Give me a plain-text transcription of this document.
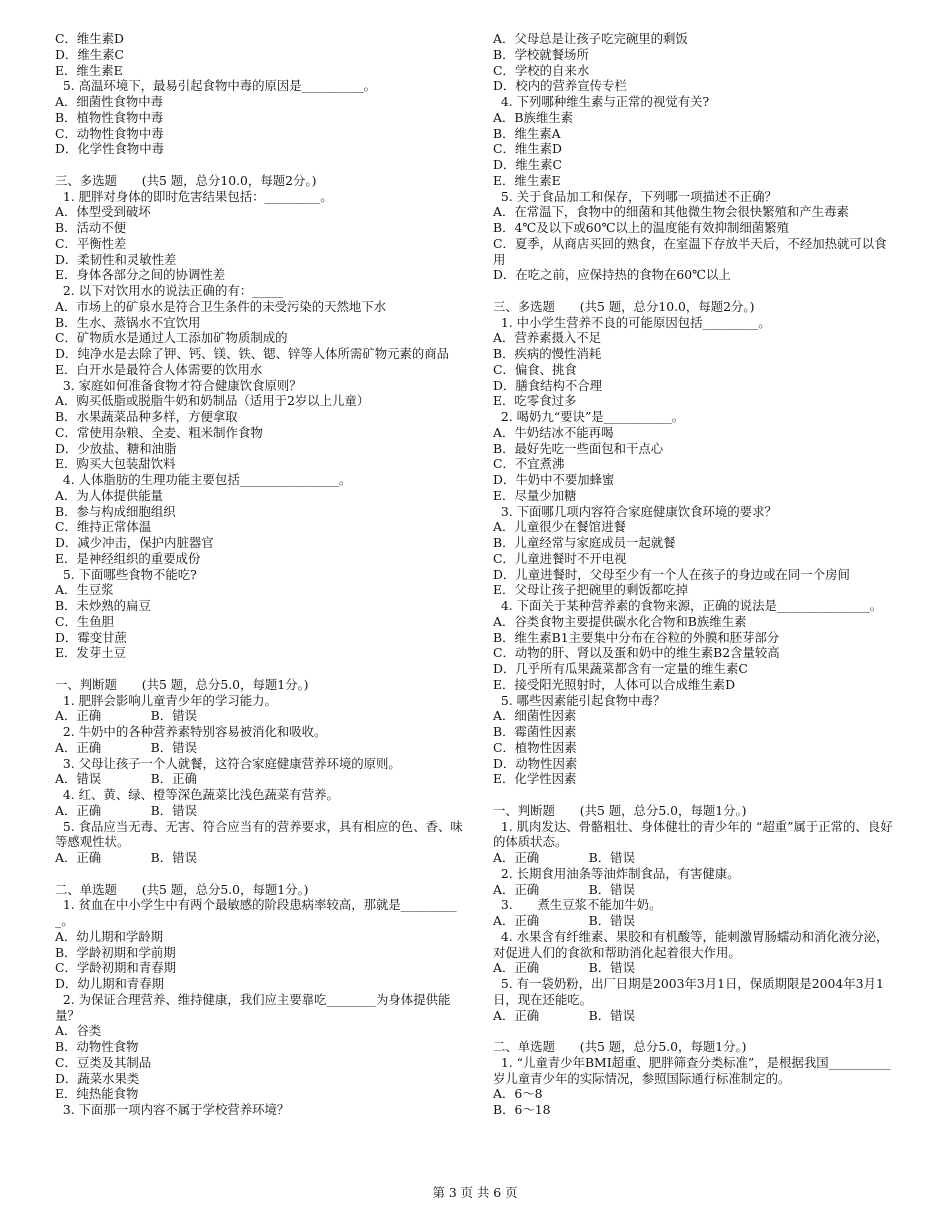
C．维生素D
D．维生素C
E．维生素E
5. 高温环境下，最易引起食物中毒的原因是__________。
A．细菌性食物中毒
B．植物性食物中毒
C．动物性食物中毒
D．化学性食物中毒
三、多选题　　(共5 题，总分10.0，每题2分。)
1. 肥胖对身体的即时危害结果包括：_________。
A．体型受到破坏
B．活动不便
C．平衡性差
D．柔韧性和灵敏性差
E．身体各部分之间的协调性差
2. 以下对饮用水的说法正确的有：_____
A．市场上的矿泉水是符合卫生条件的未受污染的天然地下水
B．生水、蒸锅水不宜饮用
C．矿物质水是通过人工添加矿物质制成的
D．纯净水是去除了钾、钙、镁、铁、锶、锌等人体所需矿物元素的商品
E．白开水是最符合人体需要的饮用水
3. 家庭如何准备食物才符合健康饮食原则？
A．购买低脂或脱脂牛奶和奶制品（适用于2岁以上儿童）
B．水果蔬菜品种多样，方便拿取
C．常使用杂粮、全麦、粗米制作食物
D．少放盐、糖和油脂
E．购买大包装甜饮料
4. 人体脂肪的生理功能主要包括________________。
A．为人体提供能量
B．参与构成细胞组织
C．维持正常体温
D．减少冲击，保护内脏器官
E．是神经组织的重要成份
5. 下面哪些食物不能吃?
A．生豆浆
B．未炒熟的扁豆
C．生鱼胆
D．霉变甘蔗
E．发芽土豆
一、判断题　　(共5 题，总分5.0，每题1分。)
1. 肥胖会影响儿童青少年的学习能力。
A．正确　　　　B．错误
2. 牛奶中的各种营养素特别容易被消化和吸收。
A．正确　　　　B．错误
3. 父母让孩子一个人就餐，这符合家庭健康营养环境的原则。
A．错误　　　　B．正确
4. 红、黄、绿、橙等深色蔬菜比浅色蔬菜有营养。
A．正确　　　　B．错误
5. 食品应当无毒、无害、符合应当有的营养要求，具有相应的色、香、味等感观性状。
A．正确　　　　B．错误
二、单选题　　(共5 题，总分5.0，每题1分。)
1. 贫血在中小学生中有两个最敏感的阶段患病率较高，那就是__________。
A．幼儿期和学龄期
B．学龄初期和学前期
C．学龄初期和青春期
D．幼儿期和青春期
2. 为保证合理营养、维持健康，我们应主要靠吃________为身体提供能量？
A．谷类
B．动物性食物
C．豆类及其制品
D．蔬菜水果类
E．纯热能食物
3. 下面那一项内容不属于学校营养环境？
A．父母总是让孩子吃完碗里的剩饭
B．学校就餐场所
C．学校的自来水
D．校内的营养宣传专栏
4. 下列哪种维生素与正常的视觉有关?
A．B族维生素
B．维生素A
C．维生素D
D．维生素C
E．维生素E
5. 关于食品加工和保存，下列哪一项描述不正确？
A．在常温下，食物中的细菌和其他微生物会很快繁殖和产生毒素
B．4℃及以下或60℃以上的温度能有效抑制细菌繁殖
C．夏季，从商店买回的熟食，在室温下存放半天后，不经加热就可以食用
D．在吃之前，应保持热的食物在60℃以上
三、多选题　　(共5 题，总分10.0，每题2分。)
1. 中小学生营养不良的可能原因包括_________。
A．营养素摄入不足
B．疾病的慢性消耗
C．偏食、挑食
D．膳食结构不合理
E．吃零食过多
2. 喝奶九“要诀”是___________。
A．牛奶结冰不能再喝
B．最好先吃一些面包和干点心
C．不宜煮沸
D．牛奶中不要加蜂蜜
E．尽量少加糖
3. 下面哪几项内容符合家庭健康饮食环境的要求？
A．儿童很少在餐馆进餐
B．儿童经常与家庭成员一起就餐
C．儿童进餐时不开电视
D．儿童进餐时，父母至少有一个人在孩子的身边或在同一个房间
E．父母让孩子把碗里的剩饭都吃掉
4. 下面关于某种营养素的食物来源，正确的说法是_______________。
A．谷类食物主要提供碳水化合物和B族维生素
B．维生素B1主要集中分布在谷粒的外膜和胚芽部分
C．动物的肝、肾以及蛋和奶中的维生素B2含量较高
D．几乎所有瓜果蔬菜都含有一定量的维生素C
E．接受阳光照射时，人体可以合成维生素D
5. 哪些因素能引起食物中毒？
A．细菌性因素
B．霉菌性因素
C．植物性因素
D．动物性因素
E．化学性因素
一、判断题　　(共5 题，总分5.0，每题1分。)
1. 肌肉发达、骨骼粗壮、身体健壮的青少年的 “超重”属于正常的、良好的体质状态。
A．正确　　　　B．错误
2. 长期食用油条等油炸制食品，有害健康。
A．正确　　　　B．错误
3.　　煮生豆浆不能加牛奶。
A．正确　　　　B．错误
4. 水果含有纤维素、果胶和有机酸等，能刺激胃肠蠕动和消化液分泌，对促进人们的食欲和帮助消化起着很大作用。
A．正确　　　　B．错误
5. 有一袋奶粉，出厂日期是2003年3月1日，保质期限是2004年3月1日，现在还能吃。
A．正确　　　　B．错误
二、单选题　　(共5 题，总分5.0，每题1分。)
1. “儿童青少年BMI超重、肥胖筛查分类标准”，是根据我国__________岁儿童青少年的实际情况，参照国际通行标准制定的。
A．6～8
B．6～18
第 3 页 共 6 页
